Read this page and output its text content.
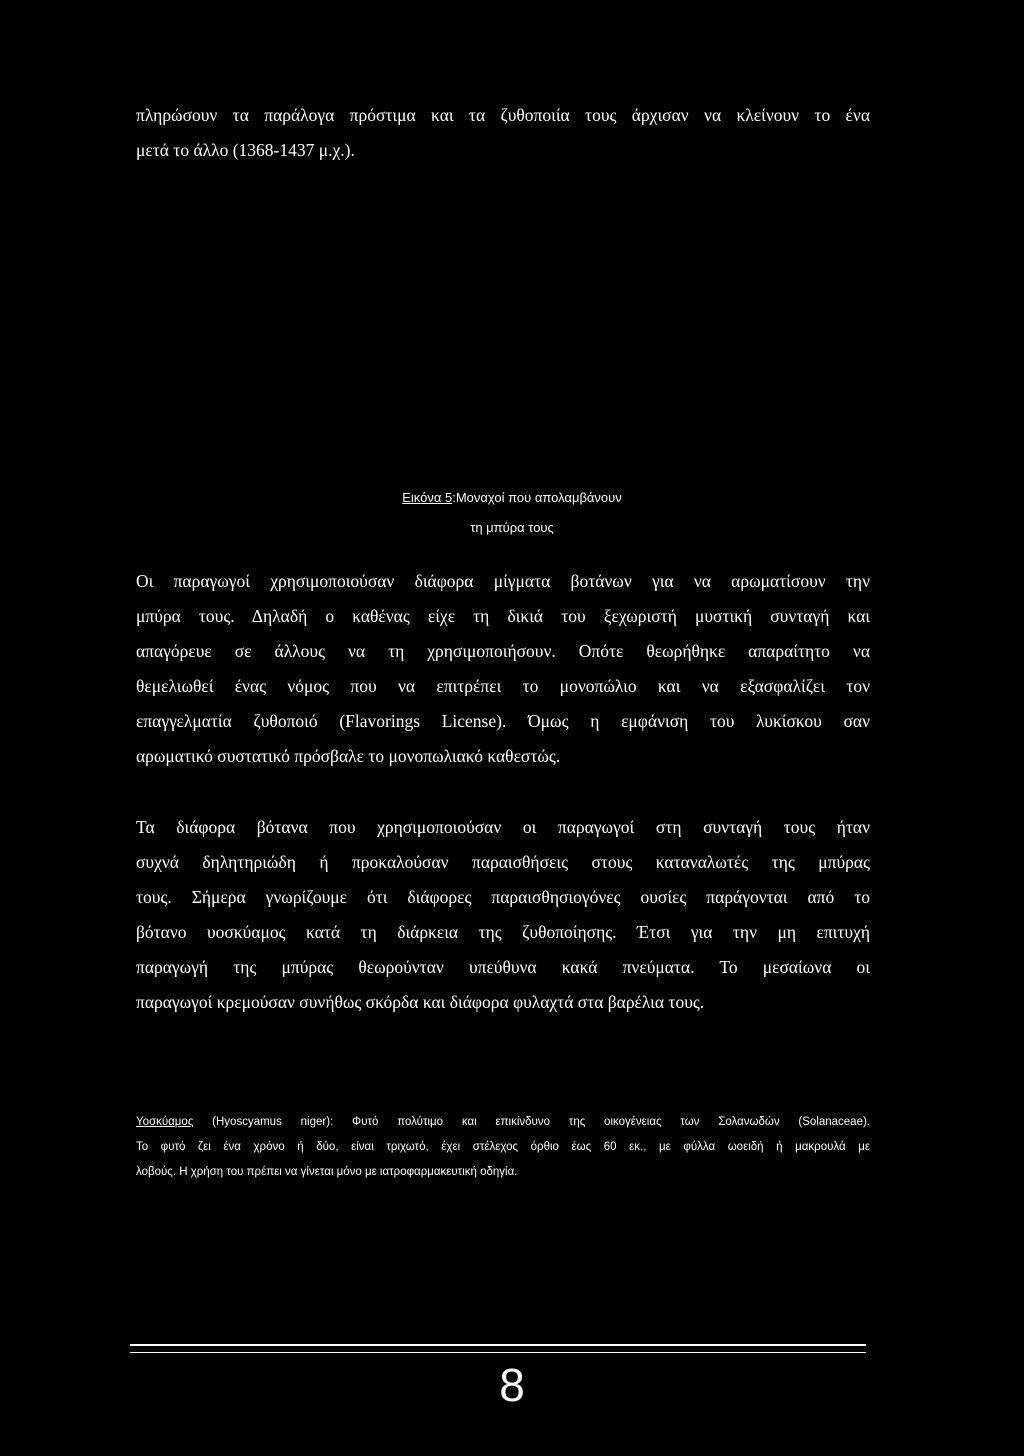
πληρώσουν τα παράλογα πρόστιμα και τα ζυθοποιία τους άρχισαν να κλείνουν το ένα
μετά το άλλο (1368-1437 μ.χ.).

Εικόνα 5:Μοναχοί που απολαμβάνουν
τη μπύρα τους

Οι παραγωγοί χρησιμοποιούσαν διάφορα μίγματα βοτάνων για να αρωματίσουν την
μπύρα τους. Δηλαδή ο καθένας είχε τη δικιά του ξεχωριστή μυστική συνταγή και
απαγόρευε σε άλλους να τη χρησιμοποιήσουν. Οπότε θεωρήθηκε απαραίτητο να
θεμελιωθεί ένας νόμος που να επιτρέπει το μονοπώλιο και να εξασφαλίζει τον
επαγγελματία ζυθοποιό (Flavorings License). Όμως η εμφάνιση του λυκίσκου σαν
αρωματικό συστατικό πρόσβαλε το μονοπωλιακό καθεστώς.

Τα διάφορα βότανα που χρησιμοποιούσαν οι παραγωγοί στη συνταγή τους ήταν
συχνά δηλητηριώδη ή προκαλούσαν παραισθήσεις στους καταναλωτές της μπύρας
τους. Σήμερα γνωρίζουμε ότι διάφορες παραισθησιογόνες ουσίες παράγονται από το
βότανο υοσκύαμος κατά τη διάρκεια της ζυθοποίησης. Έτσι για την μη επιτυχή
παραγωγή της μπύρας θεωρούνταν υπεύθυνα κακά πνεύματα. Το μεσαίωνα οι
παραγωγοί κρεμούσαν συνήθως σκόρδα και διάφορα φυλαχτά στα βαρέλια τους.

Υοσκύαμος (Hyoscyamus niger): Φυτό πολύτιμο και επικίνδυνο της οικογένειας των Σολανωδών (Solanaceae).
Το φυτό ζει ένα χρόνο ή δύο, είναι τριχωτό, έχει στέλεχος όρθιο έως 60 εκ., με φύλλα ωοειδή ή μακρουλά με
λοβούς. Η χρήση του πρέπει να γίνεται μόνο με ιατροφαρμακευτική οδηγία.
8
